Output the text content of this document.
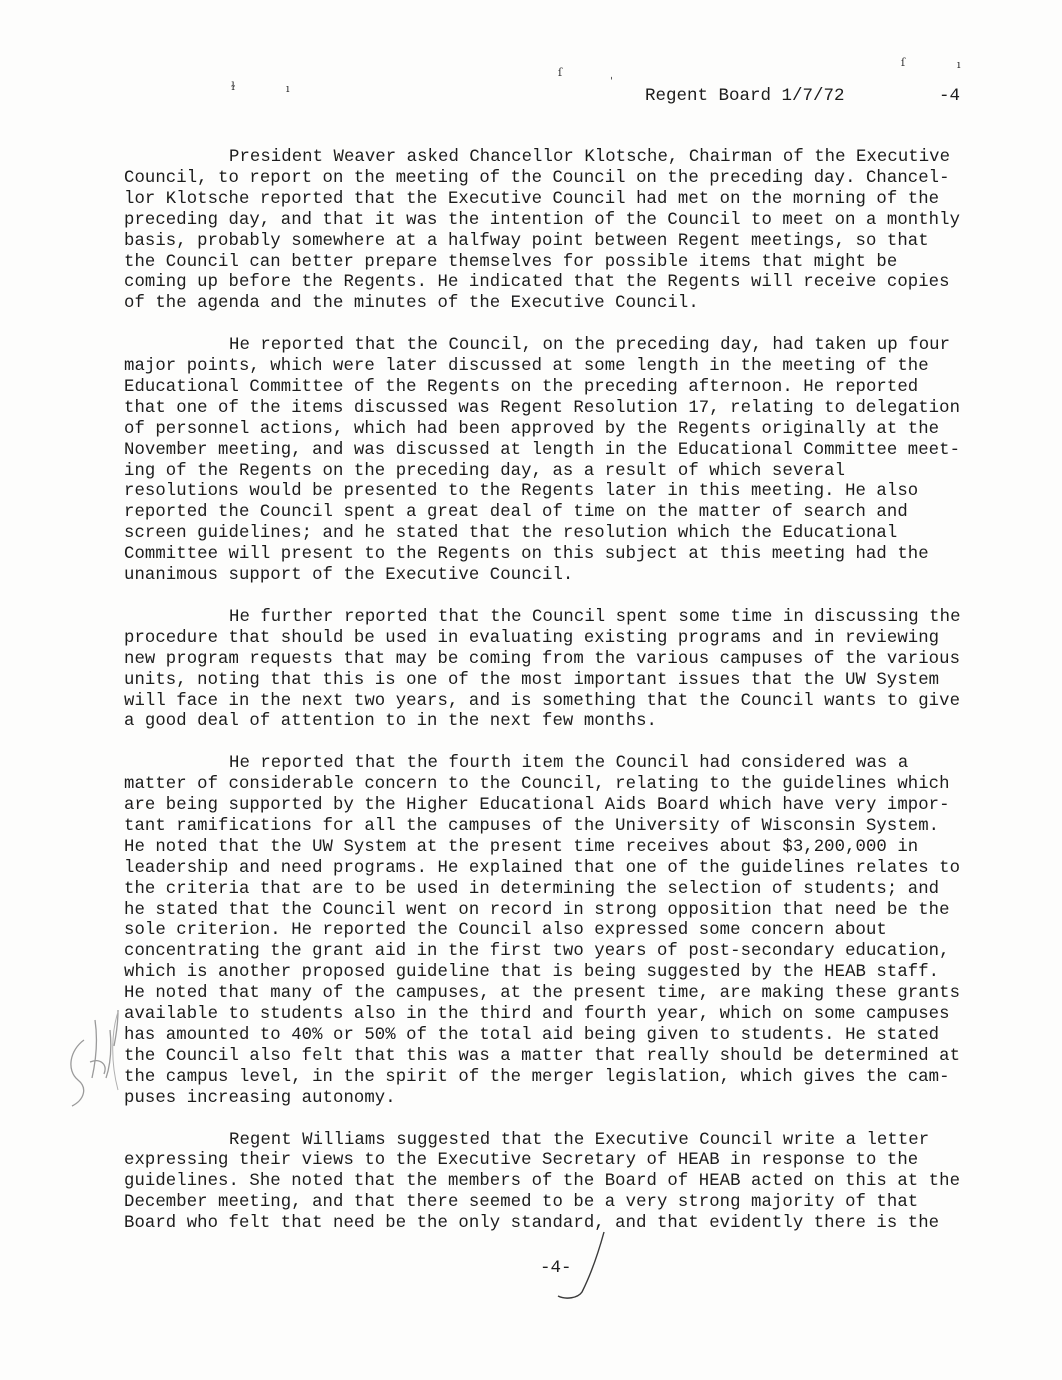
ɫ	ı
ſ	ˌ
ſ	ı

Regent Board 1/7/72

	-4

President Weaver asked Chancellor Klotsche, Chairman of the Executive Council, to report on the meeting of the Council on the preceding day. Chancel-lor Klotsche reported that the Executive Council had met on the morning of the preceding day, and that it was the intention of the Council to meet on a monthly basis, probably somewhere at a halfway point between Regent meetings, so that the Council can better prepare themselves for possible items that might be coming up before the Regents. He indicated that the Regents will receive copies of the agenda and the minutes of the Executive Council.

He reported that the Council, on the preceding day, had taken up four major points, which were later discussed at some length in the meeting of the Educational Committee of the Regents on the preceding afternoon. He reported that one of the items discussed was Regent Resolution 17, relating to delegation of personnel actions, which had been approved by the Regents originally at the November meeting, and was discussed at length in the Educational Committee meet-ing of the Regents on the preceding day, as a result of which several resolutions would be presented to the Regents later in this meeting. He also reported the Council spent a great deal of time on the matter of search and screen guidelines; and he stated that the resolution which the Educational Committee will present to the Regents on this subject at this meeting had the unanimous support of the Executive Council.

He further reported that the Council spent some time in discussing the procedure that should be used in evaluating existing programs and in reviewing new program requests that may be coming from the various campuses of the various units, noting that this is one of the most important issues that the UW System will face in the next two years, and is something that the Council wants to give a good deal of attention to in the next few months.

He reported that the fourth item the Council had considered was a matter of considerable concern to the Council, relating to the guidelines which are being supported by the Higher Educational Aids Board which have very impor-tant ramifications for all the campuses of the University of Wisconsin System. He noted that the UW System at the present time receives about $3,200,000 in leadership and need programs. He explained that one of the guidelines relates to the criteria that are to be used in determining the selection of students; and he stated that the Council went on record in strong opposition that need be the sole criterion. He reported the Council also expressed some concern about concentrating the grant aid in the first two years of post-secondary education, which is another proposed guideline that is being suggested by the HEAB staff. He noted that many of the campuses, at the present time, are making these grants available to students also in the third and fourth year, which on some campuses has amounted to 40% or 50% of the total aid being given to students. He stated the Council also felt that this was a matter that really should be determined at the campus level, in the spirit of the merger legislation, which gives the cam-puses increasing autonomy.

Regent Williams suggested that the Executive Council write a letter expressing their views to the Executive Secretary of HEAB in response to the guidelines. She noted that the members of the Board of HEAB acted on this at the December meeting, and that there seemed to be a very strong majority of that Board who felt that need be the only standard, and that evidently there is the

-4-
